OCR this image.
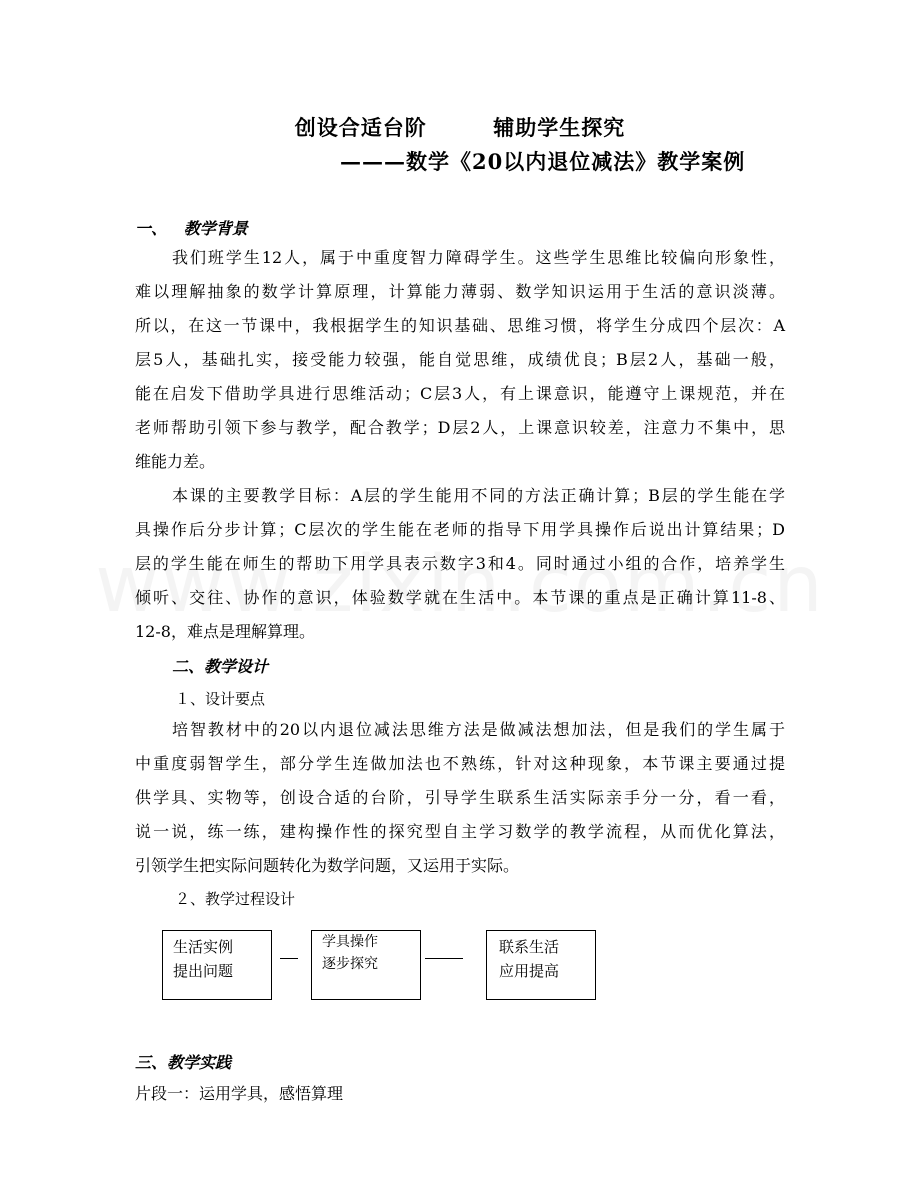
创设合适台阶        辅助学生探究
———数学《20以内退位减法》教学案例
一、   教学背景
我们班学生12人，属于中重度智力障碍学生。这些学生思维比较偏向形象性，
难以理解抽象的数学计算原理，计算能力薄弱、数学知识运用于生活的意识淡薄。
所以，在这一节课中，我根据学生的知识基础、思维习惯，将学生分成四个层次：A
层5人，基础扎实，接受能力较强，能自觉思维，成绩优良；B层2人，基础一般，
能在启发下借助学具进行思维活动；C层3人，有上课意识，能遵守上课规范，并在
老师帮助引领下参与教学，配合教学；D层2人，上课意识较差，注意力不集中，思
维能力差。
本课的主要教学目标：A层的学生能用不同的方法正确计算；B层的学生能在学
具操作后分步计算；C层次的学生能在老师的指导下用学具操作后说出计算结果；D
层的学生能在师生的帮助下用学具表示数字3和4。同时通过小组的合作，培养学生
倾听、交往、协作的意识，体验数学就在生活中。本节课的重点是正确计算11-8、
12-8，难点是理解算理。
二、教学设计
１、设计要点
培智教材中的20以内退位减法思维方法是做减法想加法，但是我们的学生属于
中重度弱智学生，部分学生连做加法也不熟练，针对这种现象，本节课主要通过提
供学具、实物等，创设合适的台阶，引导学生联系生活实际亲手分一分，看一看，
说一说，练一练，建构操作性的探究型自主学习数学的教学流程，从而优化算法，
引领学生把实际问题转化为数学问题，又运用于实际。
２、教学过程设计
生活实例
提出问题
学具操作
逐步探究
联系生活
应用提高
三、教学实践
片段一：运用学具，感悟算理
